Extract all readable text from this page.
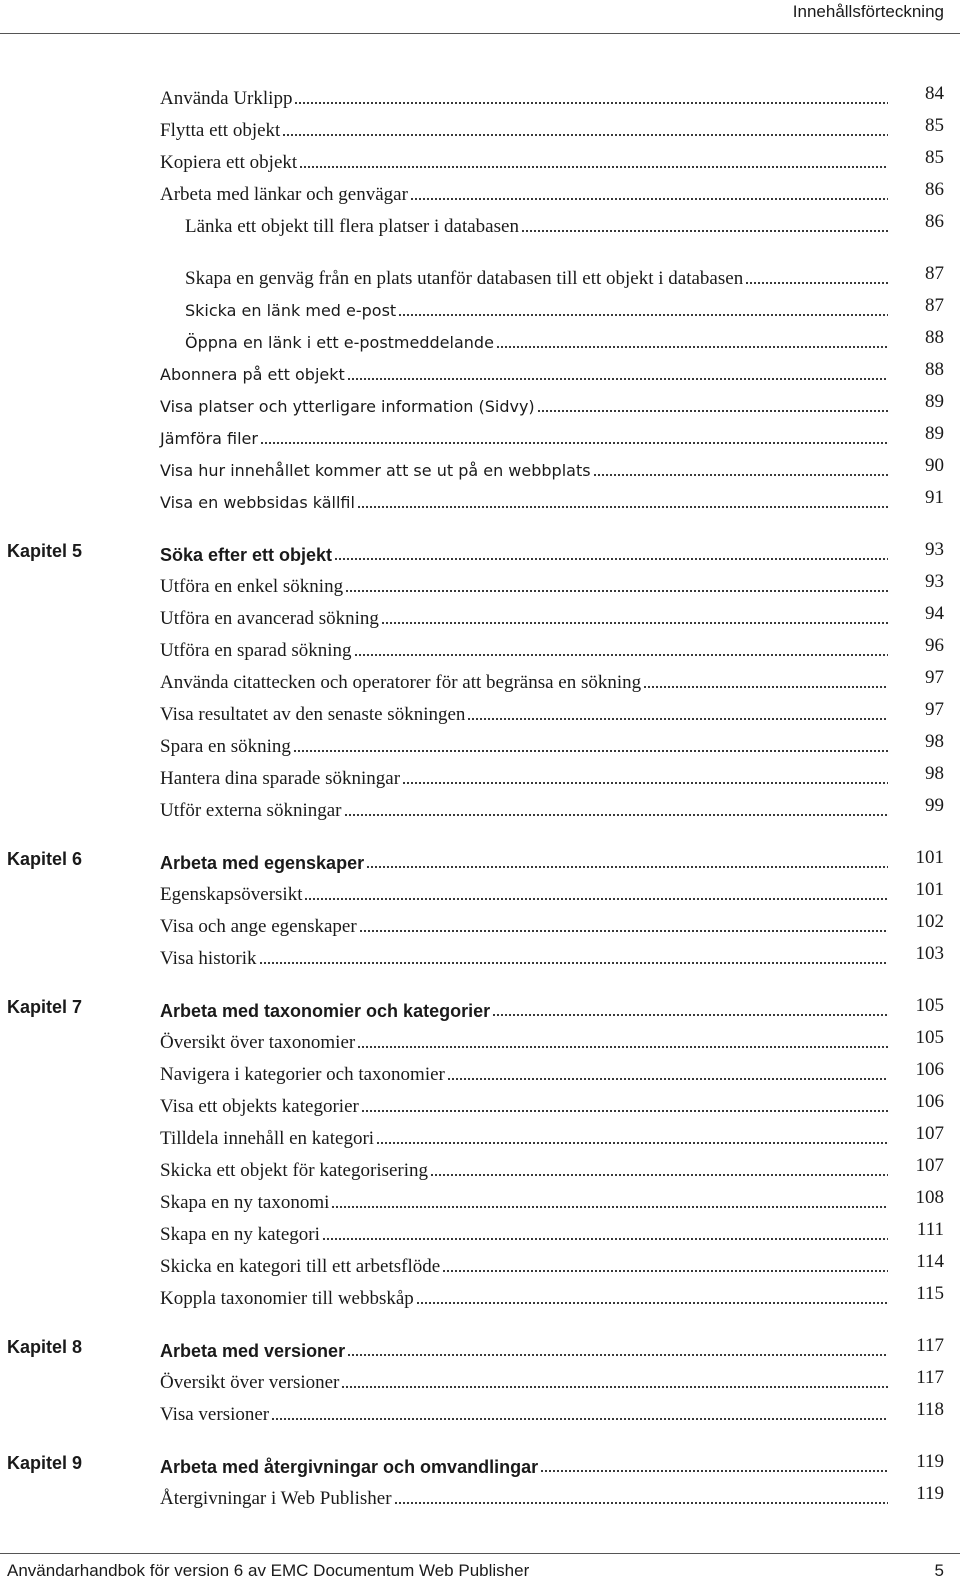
Innehållsförteckning
Använda Urklipp	84
Flytta ett objekt	85
Kopiera ett objekt	85
Arbeta med länkar och genvägar	86
Länka ett objekt till flera platser i databasen	86
Skapa en genväg från en plats utanför databasen till ett objekt i databasen	87
Skicka en länk med e-post	87
Öppna en länk i ett e-postmeddelande	88
Abonnera på ett objekt	88
Visa platser och ytterligare information (Sidvy)	89
Jämföra filer	89
Visa hur innehållet kommer att se ut på en webbplats	90
Visa en webbsidas källfil	91
Kapitel 5	Söka efter ett objekt	93
Utföra en enkel sökning	93
Utföra en avancerad sökning	94
Utföra en sparad sökning	96
Använda citattecken och operatorer för att begränsa en sökning	97
Visa resultatet av den senaste sökningen	97
Spara en sökning	98
Hantera dina sparade sökningar	98
Utför externa sökningar	99
Kapitel 6	Arbeta med egenskaper	101
Egenskapsöversikt	101
Visa och ange egenskaper	102
Visa historik	103
Kapitel 7	Arbeta med taxonomier och kategorier	105
Översikt över taxonomier	105
Navigera i kategorier och taxonomier	106
Visa ett objekts kategorier	106
Tilldela innehåll en kategori	107
Skicka ett objekt för kategorisering	107
Skapa en ny taxonomi	108
Skapa en ny kategori	111
Skicka en kategori till ett arbetsflöde	114
Koppla taxonomier till webbskåp	115
Kapitel 8	Arbeta med versioner	117
Översikt över versioner	117
Visa versioner	118
Kapitel 9	Arbeta med återgivningar och omvandlingar	119
Återgivningar i Web Publisher	119
Användarhandbok för version 6 av EMC Documentum Web Publisher	5
